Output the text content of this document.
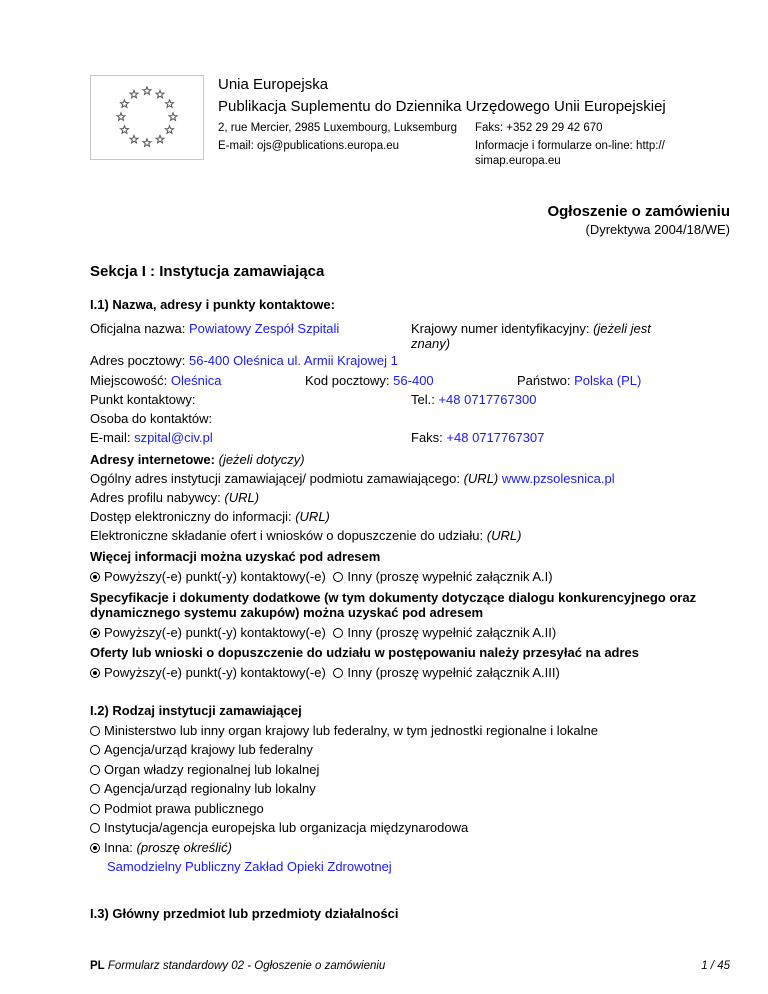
Unia Europejska
Publikacja Suplementu do Dziennika Urzędowego Unii Europejskiej
2, rue Mercier, 2985 Luxembourg, Luksemburg Faks: +352 29 29 42 670
E-mail: ojs@publications.europa.eu	Informacje i formularze on-line: http://
simap.europa.eu
Ogłoszenie o zamówieniu
(Dyrektywa 2004/18/WE)
Sekcja I : Instytucja zamawiająca
I.1) Nazwa, adresy i punkty kontaktowe:
Oficjalna nazwa: Powiatowy Zespół Szpitali	Krajowy numer identyfikacyjny: (jeżeli jest
znany)
Adres pocztowy: 56-400 Oleśnica ul. Armii Krajowej 1
Miejscowość: Oleśnica	Kod pocztowy: 56-400	Państwo: Polska (PL)
Punkt kontaktowy:	Tel.: +48 0717767300
Osoba do kontaktów:
E-mail: szpital@civ.pl	Faks: +48 0717767307
Adresy internetowe: (jeżeli dotyczy)
Ogólny adres instytucji zamawiającej/ podmiotu zamawiającego: (URL) www.pzsolesnica.pl
Adres profilu nabywcy: (URL)
Dostęp elektroniczny do informacji: (URL)
Elektroniczne składanie ofert i wniosków o dopuszczenie do udziału: (URL)
Więcej informacji można uzyskać pod adresem
Powyższy(-e) punkt(-y) kontaktowy(-e) Inny (proszę wypełnić załącznik A.I)
Specyfikacje i dokumenty dodatkowe (w tym dokumenty dotyczące dialogu konkurencyjnego oraz
dynamicznego systemu zakupów) można uzyskać pod adresem
Powyższy(-e) punkt(-y) kontaktowy(-e) Inny (proszę wypełnić załącznik A.II)
Oferty lub wnioski o dopuszczenie do udziału w postępowaniu należy przesyłać na adres
Powyższy(-e) punkt(-y) kontaktowy(-e) Inny (proszę wypełnić załącznik A.III)
I.2) Rodzaj instytucji zamawiającej
Ministerstwo lub inny organ krajowy lub federalny, w tym jednostki regionalne i lokalne
Agencja/urząd krajowy lub federalny
Organ władzy regionalnej lub lokalnej
Agencja/urząd regionalny lub lokalny
Podmiot prawa publicznego
Instytucja/agencja europejska lub organizacja międzynarodowa
Inna: (proszę określić)
Samodzielny Publiczny Zakład Opieki Zdrowotnej
I.3) Główny przedmiot lub przedmioty działalności
PL Formularz standardowy 02 - Ogłoszenie o zamówieniu	1 / 45
